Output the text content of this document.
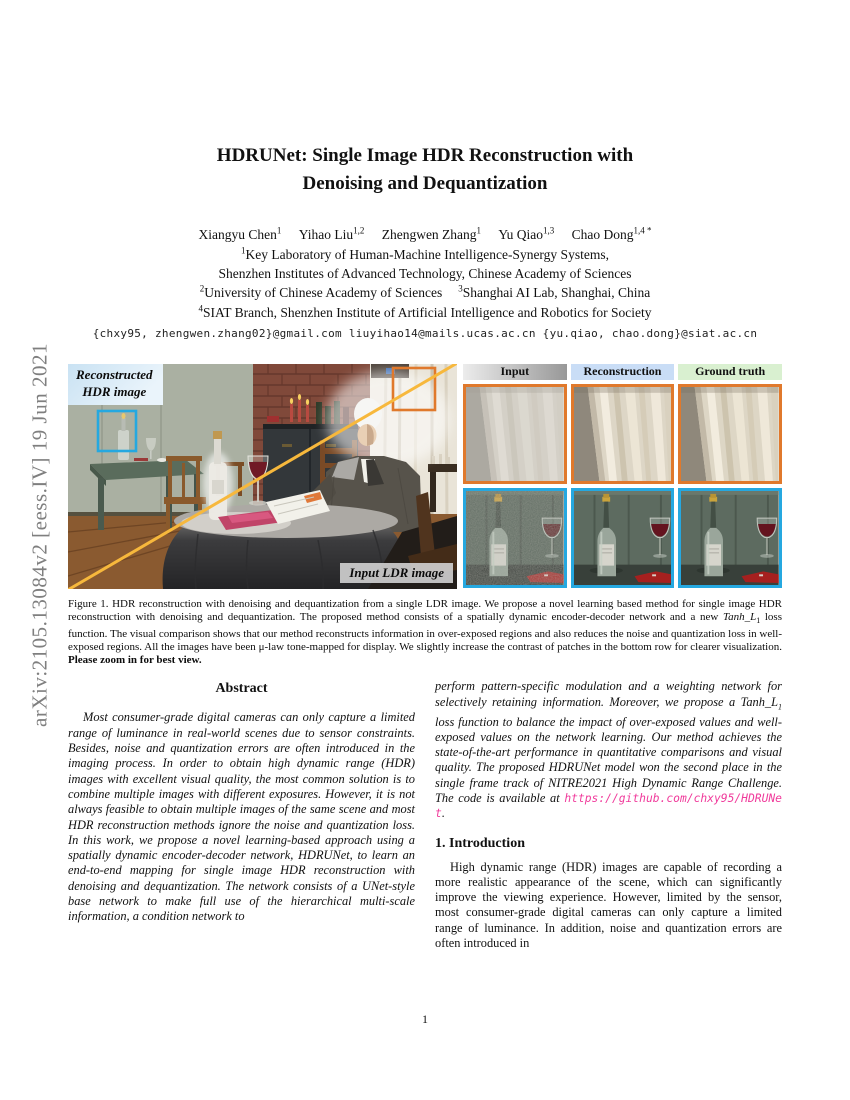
arXiv:2105.13084v2 [eess.IV] 19 Jun 2021
HDRUNet: Single Image HDR Reconstruction with
Denoising and Dequantization
Xiangyu Chen$^1$ Yihao Liu$^{1,2}$ Zhengwen Zhang$^1$ Yu Qiao$^{1,3}$ Chao Dong$^{1,4 *}$
$^1$Key Laboratory of Human-Machine Intelligence-Synergy Systems,
Shenzhen Institutes of Advanced Technology, Chinese Academy of Sciences
$^2$University of Chinese Academy of Sciences $^3$Shanghai AI Lab, Shanghai, China
$^4$SIAT Branch, Shenzhen Institute of Artificial Intelligence and Robotics for Society
{chxy95, zhengwen.zhang02}@gmail.com liuyihao14@mails.ucas.ac.cn {yu.qiao, chao.dong}@siat.ac.cn
Reconstructed
HDR image
Input LDR image
Input	Reconstruction	Ground truth
Figure 1. HDR reconstruction with denoising and dequantization from a single LDR image. We propose a novel learning based method for single image HDR reconstruction with denoising and dequantization. The proposed method consists of a spatially dynamic encoder-decoder network and a new $Tanh\_L_1$ loss function. The visual comparison shows that our method reconstructs information in over-exposed regions and also reduces the noise and quantization loss in well-exposed regions. All the images have been μ-law tone-mapped for display. We slightly increase the contrast of patches in the bottom row for clearer visualization. Please zoom in for best view.
Abstract

Most consumer-grade digital cameras can only capture a limited range of luminance in real-world scenes due to sensor constraints. Besides, noise and quantization errors are often introduced in the imaging process. In order to obtain high dynamic range (HDR) images with excellent visual quality, the most common solution is to combine multiple images with different exposures. However, it is not always feasible to obtain multiple images of the same scene and most HDR reconstruction methods ignore the noise and quantization loss. In this work, we propose a novel learning-based approach using a spatially dynamic encoder-decoder network, HDRUNet, to learn an end-to-end mapping for single image HDR reconstruction with denoising and dequantization. The network consists of a UNet-style base network to make full use of the hierarchical multi-scale information, a condition network to

perform pattern-specific modulation and a weighting network for selectively retaining information. Moreover, we propose a $Tanh\_L_1$ loss function to balance the impact of over-exposed values and well-exposed values on the network learning. Our method achieves the state-of-the-art performance in quantitative comparisons and visual quality. The proposed HDRUNet model won the second place in the single frame track of NITRE2021 High Dynamic Range Challenge. The code is available at https://github.com/chxy95/HDRUNet.

1. Introduction

High dynamic range (HDR) images are capable of recording a more realistic appearance of the scene, which can significantly improve the viewing experience. However, limited by the sensor, most consumer-grade digital cameras can only capture a limited range of luminance. In addition, noise and quantization errors are often introduced in

1
